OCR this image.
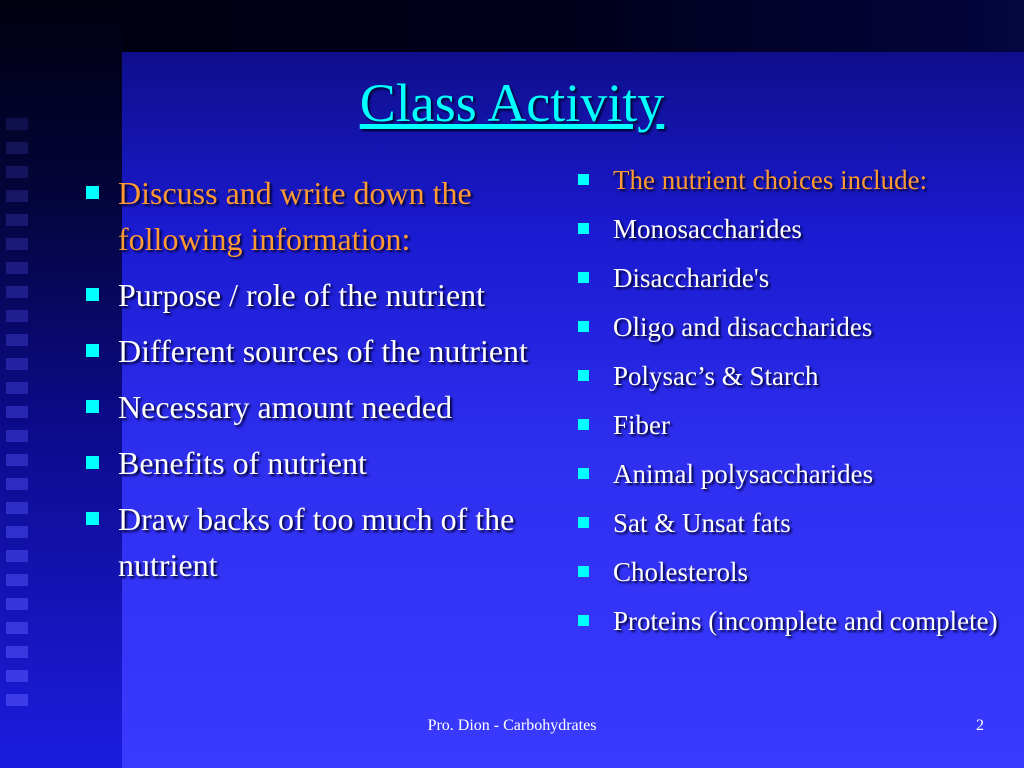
Class Activity
Discuss and write down the following information:
Purpose / role of the nutrient
Different sources of the nutrient
Necessary amount needed
Benefits of nutrient
Draw backs of too much of the nutrient
The nutrient choices include:
Monosaccharides
Disaccharide's
Oligo and disaccharides
Polysac’s & Starch
Fiber
Animal polysaccharides
Sat & Unsat fats
Cholesterols
Proteins (incomplete and complete)
Pro. Dion - Carbohydrates	2
